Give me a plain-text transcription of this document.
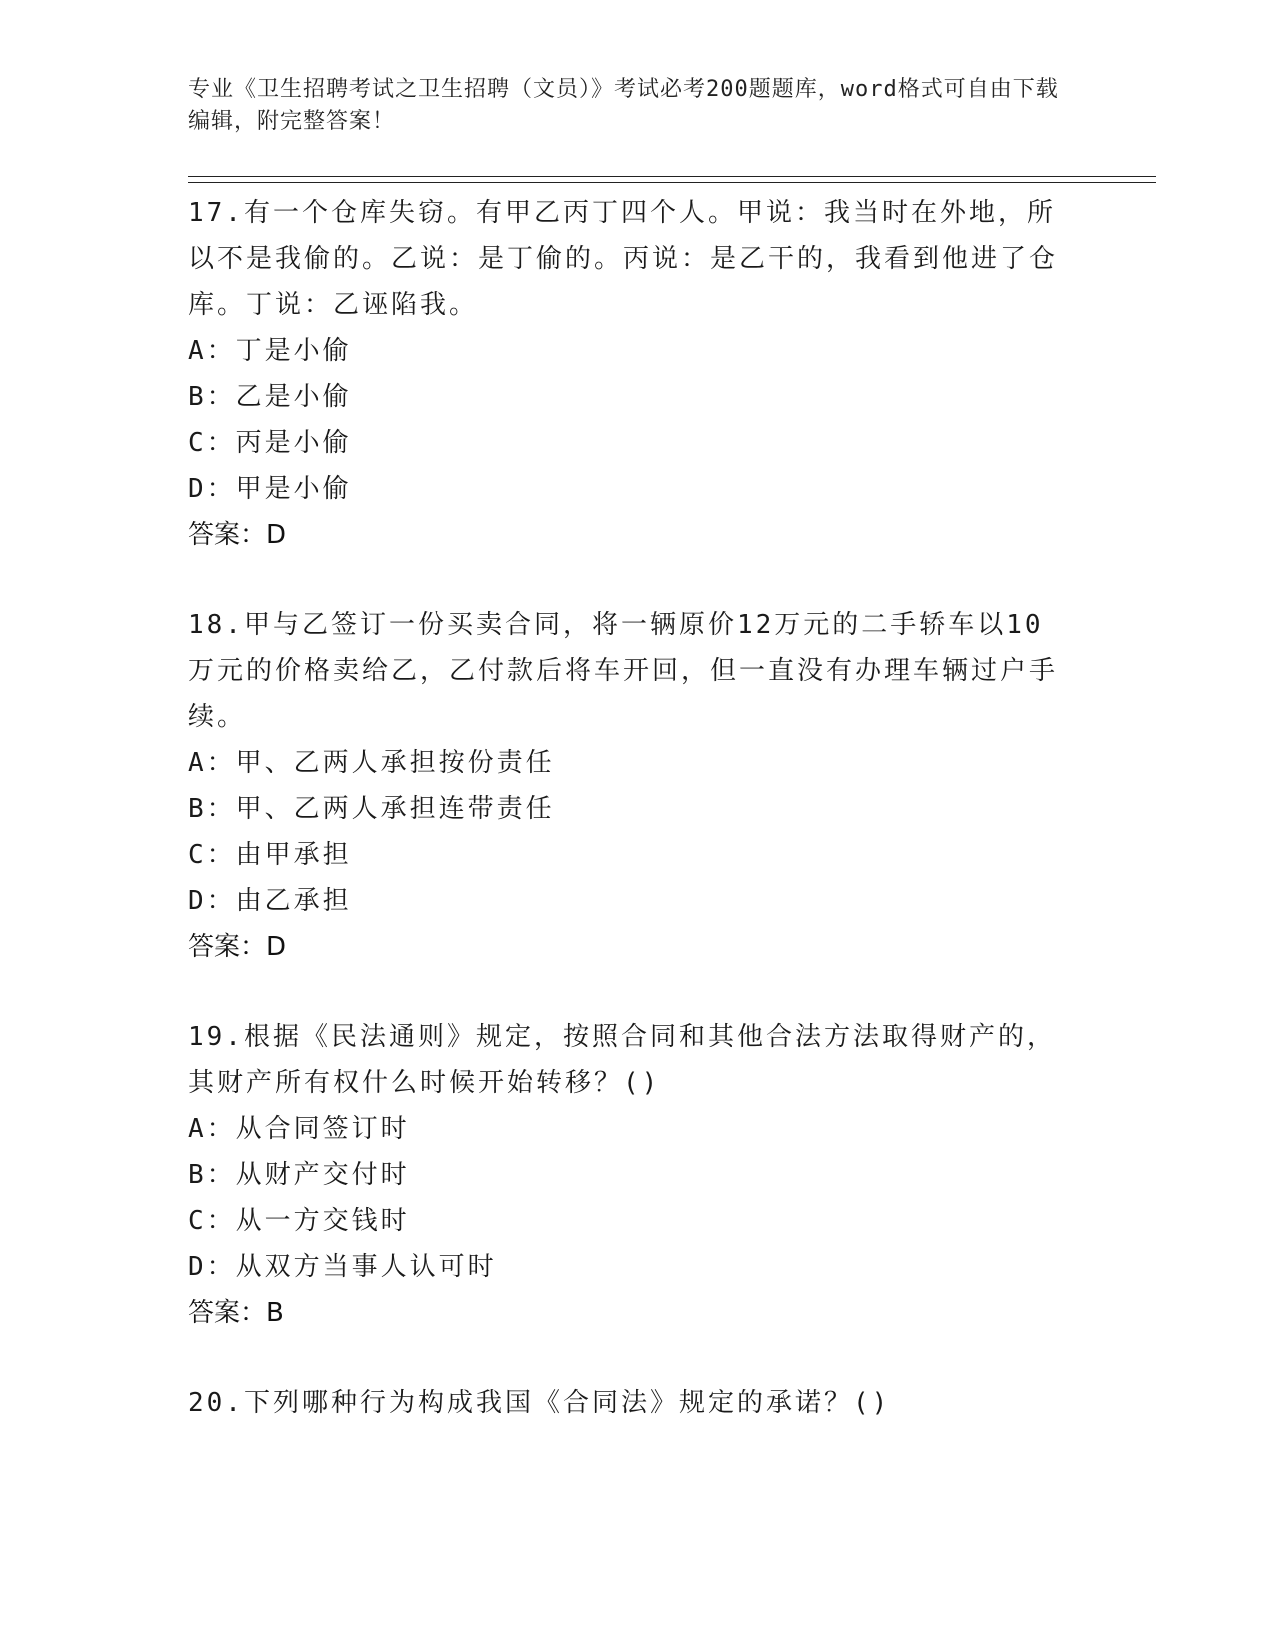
专业《卫生招聘考试之卫生招聘（文员）》考试必考200题题库，word格式可自由下载编辑，附完整答案！

17.有一个仓库失窃。有甲乙丙丁四个人。甲说：我当时在外地，所以不是我偷的。乙说：是丁偷的。丙说：是乙干的，我看到他进了仓库。丁说：乙诬陷我。

A：丁是小偷

B：乙是小偷

C：丙是小偷

D：甲是小偷

答案：D

18.甲与乙签订一份买卖合同，将一辆原价12万元的二手轿车以10万元的价格卖给乙，乙付款后将车开回，但一直没有办理车辆过户手续。

A：甲、乙两人承担按份责任

B：甲、乙两人承担连带责任

C：由甲承担

D：由乙承担

答案：D

19.根据《民法通则》规定，按照合同和其他合法方法取得财产的，其财产所有权什么时候开始转移？()

A：从合同签订时

B：从财产交付时

C：从一方交钱时

D：从双方当事人认可时

答案：B

20.下列哪种行为构成我国《合同法》规定的承诺？()
